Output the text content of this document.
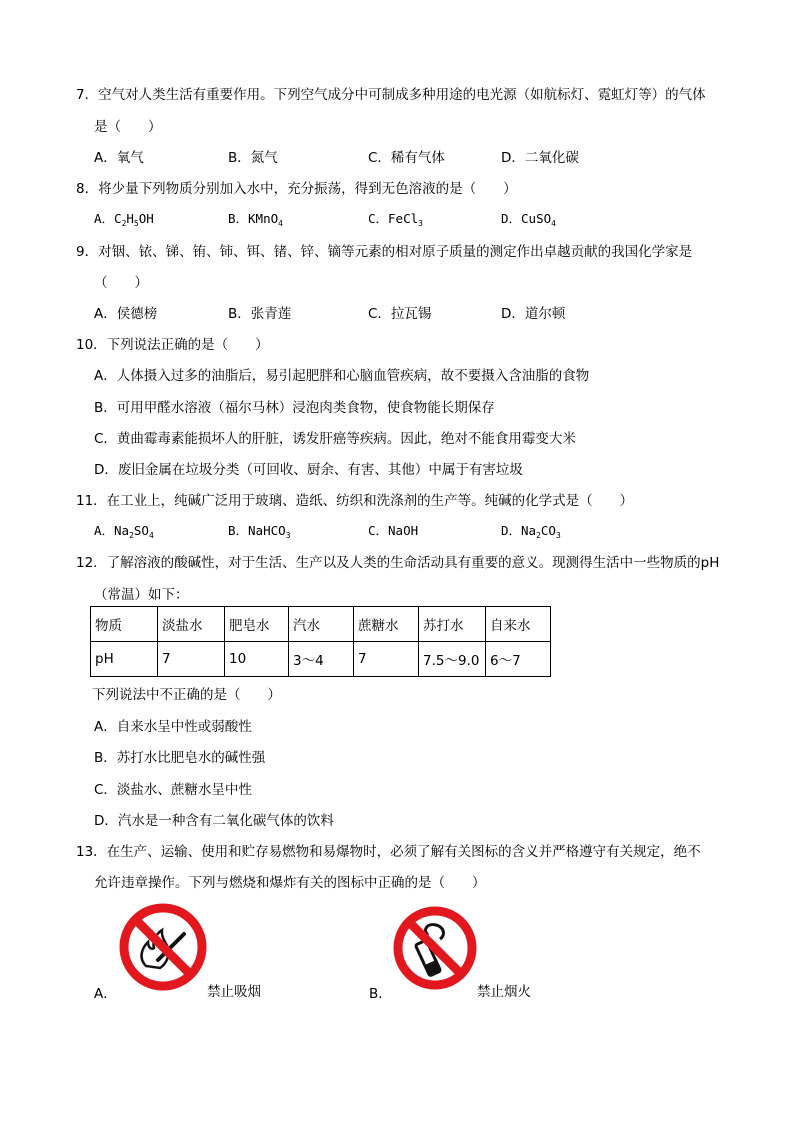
7．空气对人类生活有重要作用。下列空气成分中可制成多种用途的电光源（如航标灯、霓虹灯等）的气体
是（　　）
A．氧气	B．氮气	C．稀有气体	D．二氧化碳
8．将少量下列物质分别加入水中，充分振荡，得到无色溶液的是（　　）
A．$C_2H_5OH$	B．KMnO$_4$	C．FeCl$_3$	D．CuSO$_4$
9．对铟、铱、锑、铕、铈、铒、锗、锌、镝等元素的相对原子质量的测定作出卓越贡献的我国化学家是
（　　）
A．侯德榜	B．张青莲	C．拉瓦锡	D．道尔顿
10．下列说法正确的是（　　）
A．人体摄入过多的油脂后，易引起肥胖和心脑血管疾病，故不要摄入含油脂的食物
B．可用甲醛水溶液（福尔马林）浸泡肉类食物，使食物能长期保存
C．黄曲霉毒素能损坏人的肝脏，诱发肝癌等疾病。因此，绝对不能食用霉变大米
D．废旧金属在垃圾分类（可回收、厨余、有害、其他）中属于有害垃圾
11．在工业上，纯碱广泛用于玻璃、造纸、纺织和洗涤剂的生产等。纯碱的化学式是（　　）
A．$Na_2SO_4$	B．NaHCO$_3$	C．NaOH	D．$Na_2CO_3$
12．了解溶液的酸碱性，对于生活、生产以及人类的生命活动具有重要的意义。现测得生活中一些物质的pH
（常温）如下：
物质	淡盐水	肥皂水	汽水	蔗糖水	苏打水	自来水
pH	7	10	3～4	7	7.5～9.0	6～7
下列说法中不正确的是（　　）
A．自来水呈中性或弱酸性
B．苏打水比肥皂水的碱性强
C．淡盐水、蔗糖水呈中性
D．汽水是一种含有二氧化碳气体的饮料
13．在生产、运输、使用和贮存易燃物和易爆物时，必须了解有关图标的含义并严格遵守有关规定，绝不
允许违章操作。下列与燃烧和爆炸有关的图标中正确的是（　　）
A．	禁止吸烟	B．	禁止烟火
